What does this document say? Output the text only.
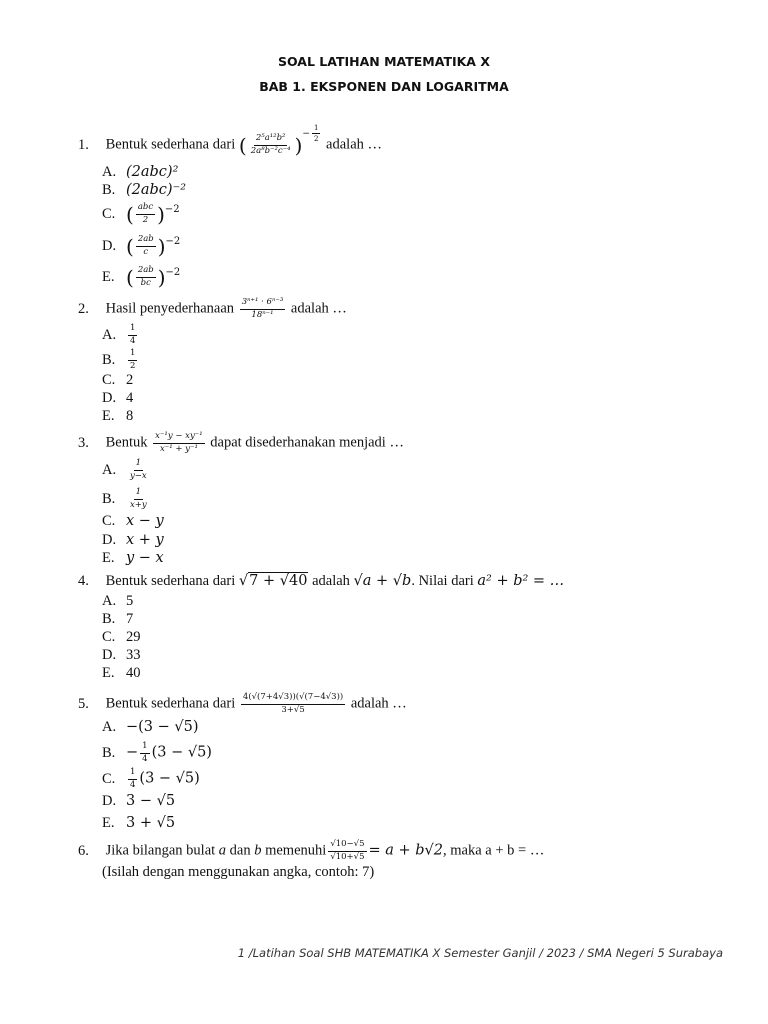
SOAL LATIHAN MATEMATIKA X
BAB 1. EKSPONEN DAN LOGARITMA
1. Bentuk sederhana dari ( $\frac{\text{2⁵a¹²b²}}{\text{2a⁸b⁻²c⁻⁴}}$ )− $\frac{1}{2}$
adalah …
A. (2abc)²
B. (2abc)⁻²
C. ( $\frac{\text{abc}}{2} )^{-2}$
D. ( $\frac{2ab}{c} )^{-2}$
E. ( $\frac{2ab}{bc} )^{-2}$
2. Hasil penyederhanaan $\frac{\text{3ⁿ⁺¹ · 6ⁿ⁻³}}{\text{18ⁿ⁻¹}}$ adalah …
A. $\frac{1}{4}$
B. $\frac{1}{2}$
C. 2
D. 4
E. 8
3. Bentuk $\frac{\text{x⁻¹y − xy⁻¹}}{\text{x⁻¹ + y⁻¹}}$ dapat disederhanakan menjadi …
A. $\frac{1}{y-x}$
B. $\frac{1}{x+y}$
C. x − y
D. x + y
E. y − x
4. Bentuk sederhana dari √7 + √40 adalah √a + √b. Nilai dari a² + b² = …
A. 5
B. 7
C. 29
D. 33
E. 40
5. Bentuk sederhana dari $\frac{4(√(7+4√3))(√(7-4√3))}{3+√5}$ adalah …
A. −(3 − √5)
B. − $\frac{1}{4} (3 - √5)$
C. $\frac{1}{4} (3 - √5)$
D. 3 − √5
E. 3 + √5
6. Jika bilangan bulat a dan b memenuhi $\frac{√10-√5}{√10+√5} = a + b√2$, maka a + b = …
(Isilah dengan menggunakan angka, contoh: 7)
1 /Latihan Soal SHB MATEMATIKA X Semester Ganjil / 2023 / SMA Negeri 5 Surabaya
